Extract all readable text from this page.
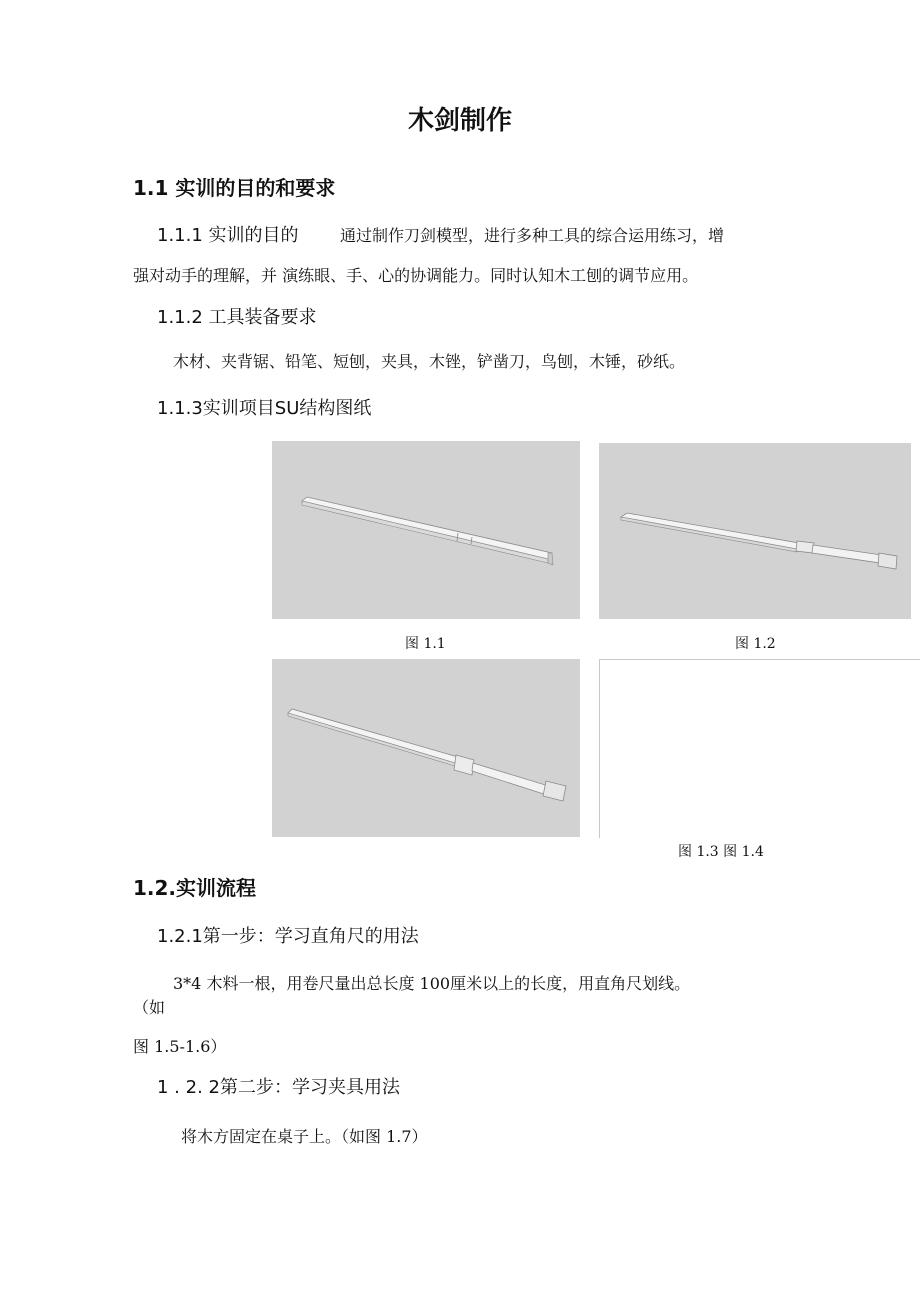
木剑制作
1.1 实训的目的和要求
1.1.1 实训的目的	通过制作刀剑模型，进行多种工具的综合运用练习，增
强对动手的理解，并 演练眼、手、心的协调能力。同时认知木工刨的调节应用。
1.1.2 工具装备要求
木材、夹背锯、铅笔、短刨，夹具，木锉，铲凿刀，鸟刨，木锤，砂纸。
1.1.3实训项目SU结构图纸
图 1.1	图 1.2
图 1.3 图 1.4
1.2.实训流程
1.2.1第一步：学习直角尺的用法
3*4 木料一根，用卷尺量出总长度 100厘米以上的长度，用直角尺划线。
（如
图 1.5-1.6）
1 . 2. 2第二步：学习夹具用法
将木方固定在桌子上。（如图 1.7）
